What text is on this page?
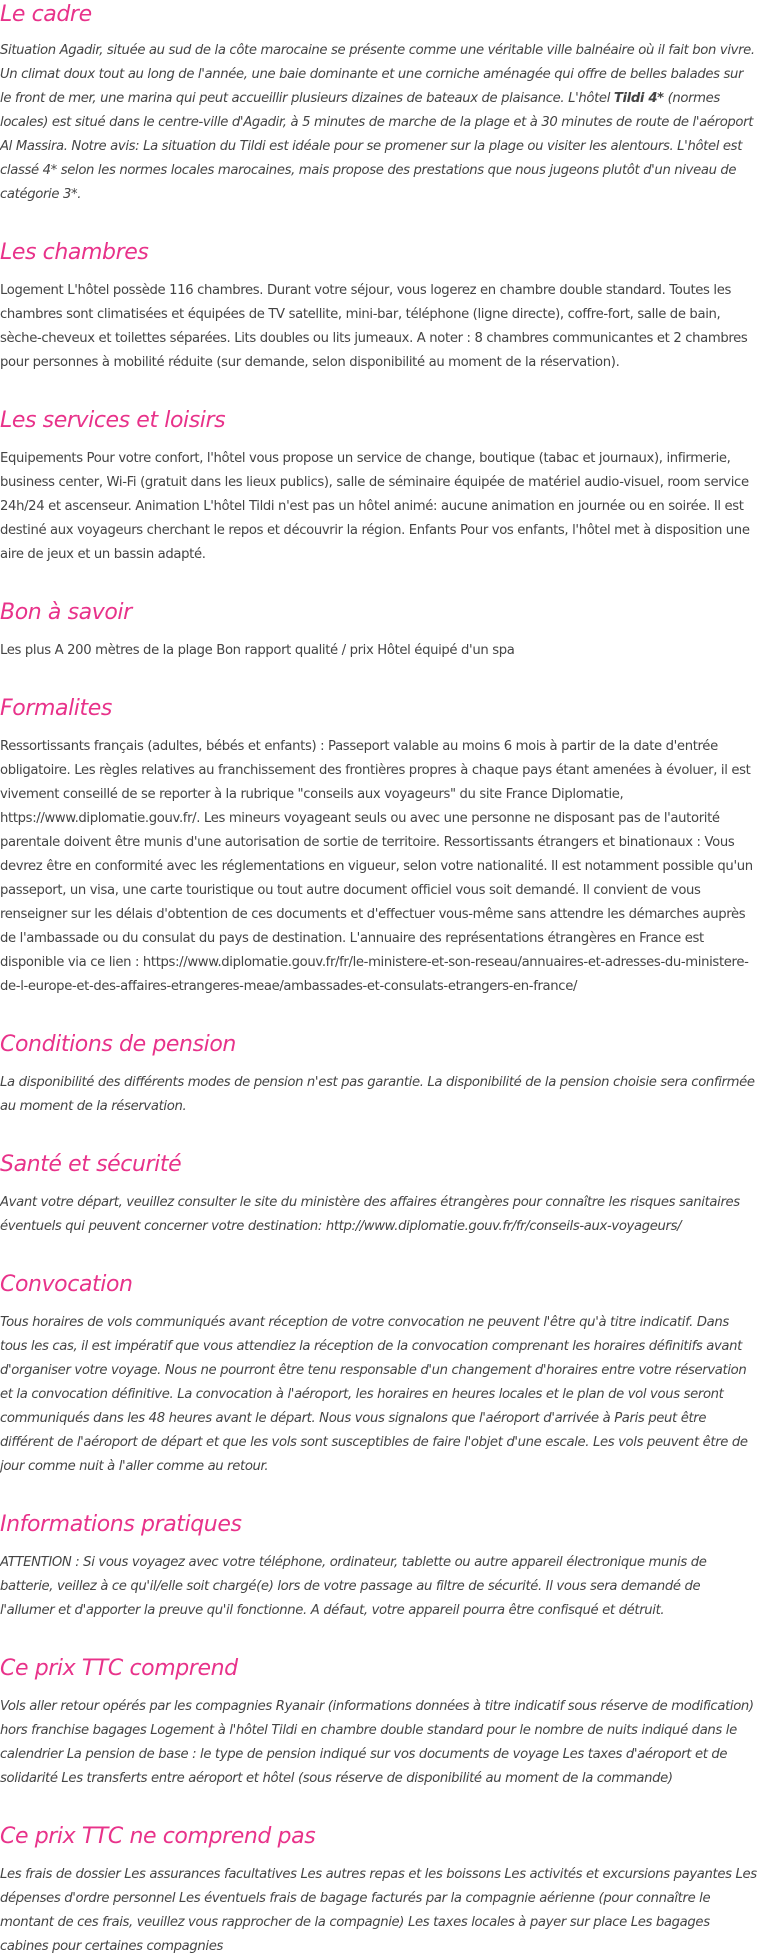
Le cadre

Situation Agadir, située au sud de la côte marocaine se présente comme une véritable ville balnéaire où il fait bon vivre. Un climat doux tout au long de l'année, une baie dominante et une corniche aménagée qui offre de belles balades sur le front de mer, une marina qui peut accueillir plusieurs dizaines de bateaux de plaisance. L'hôtel Tildi 4* (normes locales) est situé dans le centre-ville d'Agadir, à 5 minutes de marche de la plage et à 30 minutes de route de l'aéroport Al Massira. Notre avis: La situation du Tildi est idéale pour se promener sur la plage ou visiter les alentours. L'hôtel est classé 4* selon les normes locales marocaines, mais propose des prestations que nous jugeons plutôt d'un niveau de catégorie 3*.

Les chambres

Logement L'hôtel possède 116 chambres. Durant votre séjour, vous logerez en chambre double standard. Toutes les chambres sont climatisées et équipées de TV satellite, mini-bar, téléphone (ligne directe), coffre-fort, salle de bain, sèche-cheveux et toilettes séparées. Lits doubles ou lits jumeaux. A noter : 8 chambres communicantes et 2 chambres pour personnes à mobilité réduite (sur demande, selon disponibilité au moment de la réservation).

Les services et loisirs

Equipements Pour votre confort, l'hôtel vous propose un service de change, boutique (tabac et journaux), infirmerie, business center, Wi-Fi (gratuit dans les lieux publics), salle de séminaire équipée de matériel audio-visuel, room service 24h/24 et ascenseur. Animation L'hôtel Tildi n'est pas un hôtel animé: aucune animation en journée ou en soirée. Il est destiné aux voyageurs cherchant le repos et découvrir la région. Enfants Pour vos enfants, l'hôtel met à disposition une aire de jeux et un bassin adapté.

Bon à savoir

Les plus A 200 mètres de la plage Bon rapport qualité / prix Hôtel équipé d'un spa

Formalites

Ressortissants français (adultes, bébés et enfants) : Passeport valable au moins 6 mois à partir de la date d'entrée obligatoire. Les règles relatives au franchissement des frontières propres à chaque pays étant amenées à évoluer, il est vivement conseillé de se reporter à la rubrique "conseils aux voyageurs" du site France Diplomatie, https://www.diplomatie.gouv.fr/. Les mineurs voyageant seuls ou avec une personne ne disposant pas de l'autorité parentale doivent être munis d'une autorisation de sortie de territoire. Ressortissants étrangers et binationaux : Vous devrez être en conformité avec les réglementations en vigueur, selon votre nationalité. Il est notamment possible qu'un passeport, un visa, une carte touristique ou tout autre document officiel vous soit demandé. Il convient de vous renseigner sur les délais d'obtention de ces documents et d'effectuer vous-même sans attendre les démarches auprès de l'ambassade ou du consulat du pays de destination. L'annuaire des représentations étrangères en France est disponible via ce lien : https://www.diplomatie.gouv.fr/fr/le-ministere-et-son-reseau/annuaires-et-adresses-du-ministere-de-l-europe-et-des-affaires-etrangeres-meae/ambassades-et-consulats-etrangers-en-france/

Conditions de pension

La disponibilité des différents modes de pension n'est pas garantie. La disponibilité de la pension choisie sera confirmée au moment de la réservation.

Santé et sécurité

Avant votre départ, veuillez consulter le site du ministère des affaires étrangères pour connaître les risques sanitaires éventuels qui peuvent concerner votre destination: http://www.diplomatie.gouv.fr/fr/conseils-aux-voyageurs/

Convocation

Tous horaires de vols communiqués avant réception de votre convocation ne peuvent l'être qu'à titre indicatif. Dans tous les cas, il est impératif que vous attendiez la réception de la convocation comprenant les horaires définitifs avant d'organiser votre voyage. Nous ne pourront être tenu responsable d'un changement d'horaires entre votre réservation et la convocation définitive. La convocation à l'aéroport, les horaires en heures locales et le plan de vol vous seront communiqués dans les 48 heures avant le départ. Nous vous signalons que l'aéroport d'arrivée à Paris peut être différent de l'aéroport de départ et que les vols sont susceptibles de faire l'objet d'une escale. Les vols peuvent être de jour comme nuit à l'aller comme au retour.

Informations pratiques

ATTENTION : Si vous voyagez avec votre téléphone, ordinateur, tablette ou autre appareil électronique munis de batterie, veillez à ce qu'il/elle soit chargé(e) lors de votre passage au filtre de sécurité. Il vous sera demandé de l'allumer et d'apporter la preuve qu'il fonctionne. A défaut, votre appareil pourra être confisqué et détruit.

Ce prix TTC comprend

Vols aller retour opérés par les compagnies Ryanair (informations données à titre indicatif sous réserve de modification) hors franchise bagages Logement à l'hôtel Tildi en chambre double standard pour le nombre de nuits indiqué dans le calendrier La pension de base : le type de pension indiqué sur vos documents de voyage Les taxes d'aéroport et de solidarité Les transferts entre aéroport et hôtel (sous réserve de disponibilité au moment de la commande)

Ce prix TTC ne comprend pas

Les frais de dossier Les assurances facultatives Les autres repas et les boissons Les activités et excursions payantes Les dépenses d'ordre personnel Les éventuels frais de bagage facturés par la compagnie aérienne (pour connaître le montant de ces frais, veuillez vous rapprocher de la compagnie) Les taxes locales à payer sur place Les bagages cabines pour certaines compagnies
